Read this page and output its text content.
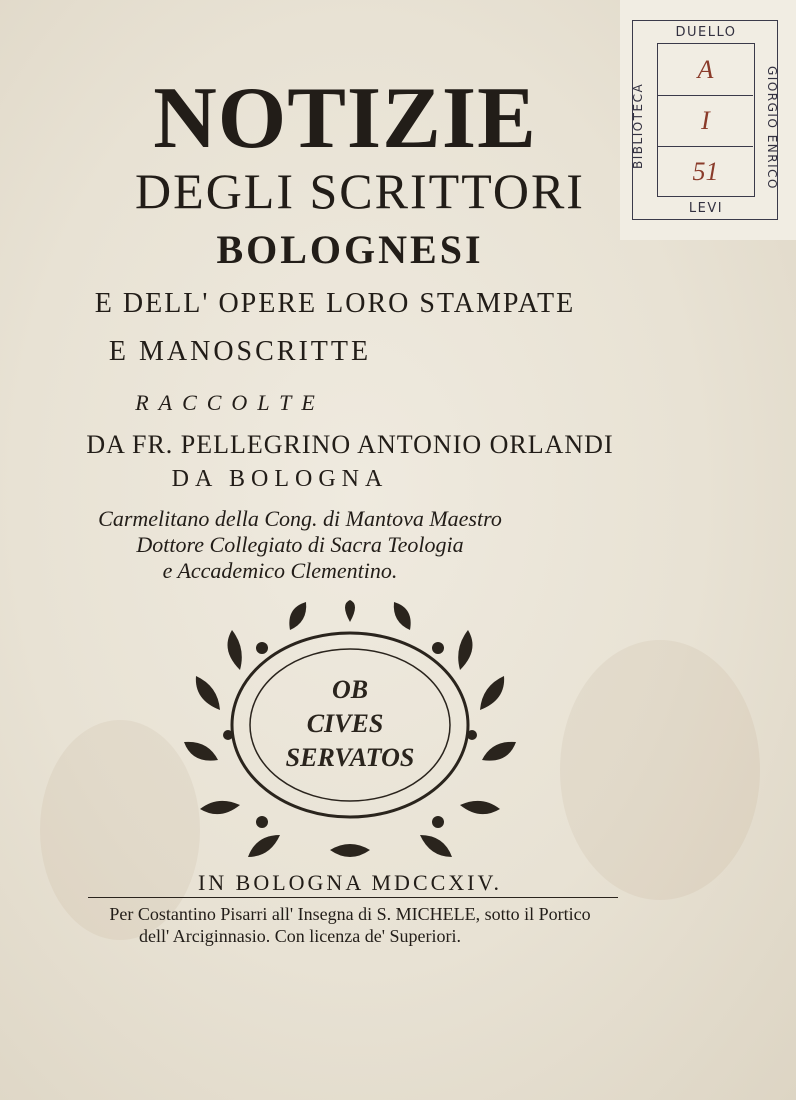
NOTIZIE
DEGLI SCRITTORI
BOLOGNESI
E DELL' OPERE LORO STAMPATE
E MANOSCRITTE
RACCOLTE
DA FR. PELLEGRINO ANTONIO ORLANDI
DA BOLOGNA
Carmelitano della Cong. di Mantova Maestro
Dottore Collegiato di Sacra Teologia
e Accademico Clementino.
OB
CIVES
SERVATOS
IN BOLOGNA MDCCXIV.
Per Costantino Pisarri all' Insegna di S. MICHELE, sotto il Portico
dell' Arciginnasio. Con licenza de' Superiori.
DUELLO
BIBLIOTECA	GIORGIO ENRICO
A
I
51
LEVI
